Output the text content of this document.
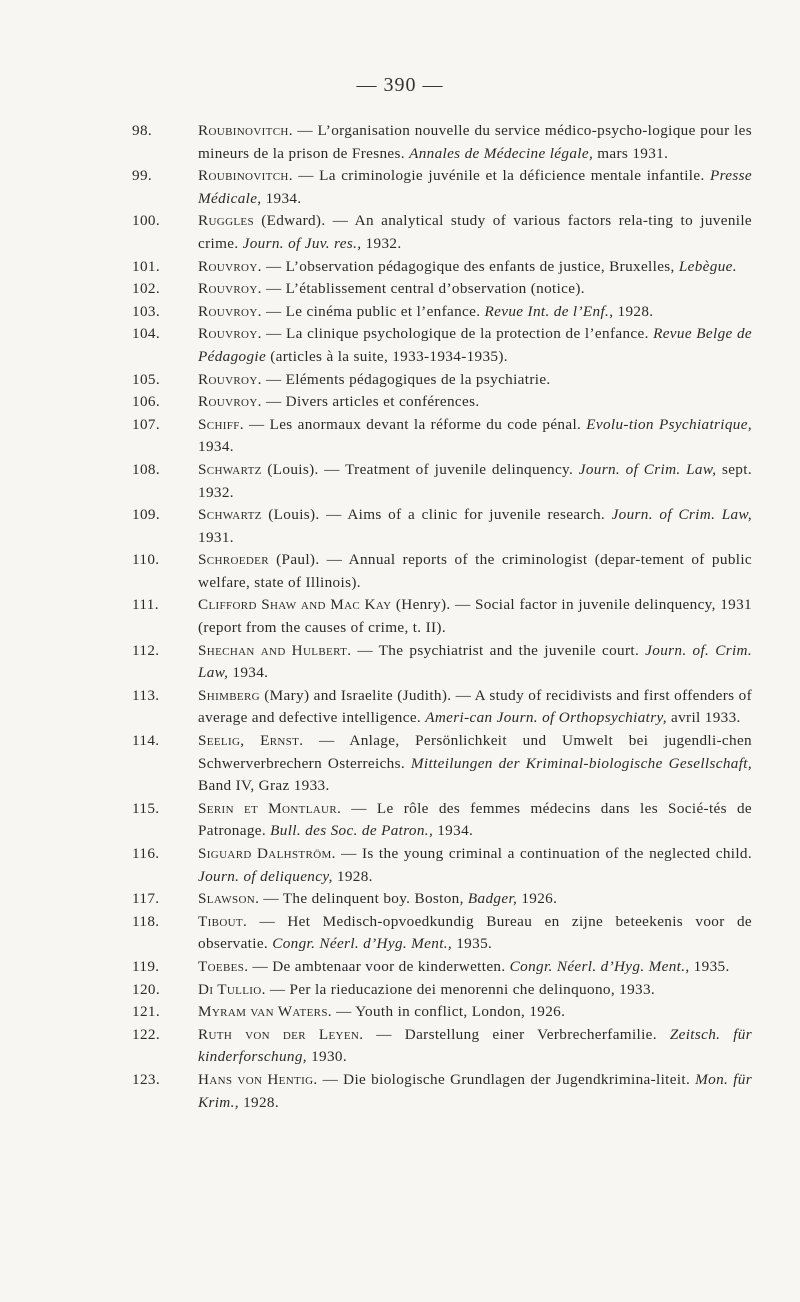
— 390 —
98.	Roubinovitch. — L’organisation nouvelle du service médico-psycho-logique pour les mineurs de la prison de Fresnes. Annales de Médecine légale, mars 1931.
99.	Roubinovitch. — La criminologie juvénile et la déficience mentale infantile. Presse Médicale, 1934.
100.	Ruggles (Edward). — An analytical study of various factors rela-ting to juvenile crime. Journ. of Juv. res., 1932.
101.	Rouvroy. — L’observation pédagogique des enfants de justice, Bruxelles, Lebègue.
102.	Rouvroy. — L’établissement central d’observation (notice).
103.	Rouvroy. — Le cinéma public et l’enfance. Revue Int. de l’Enf., 1928.
104.	Rouvroy. — La clinique psychologique de la protection de l’enfance. Revue Belge de Pédagogie (articles à la suite, 1933-1934-1935).
105.	Rouvroy. — Eléments pédagogiques de la psychiatrie.
106.	Rouvroy. — Divers articles et conférences.
107.	Schiff. — Les anormaux devant la réforme du code pénal. Evolu-tion Psychiatrique, 1934.
108.	Schwartz (Louis). — Treatment of juvenile delinquency. Journ. of Crim. Law, sept. 1932.
109.	Schwartz (Louis). — Aims of a clinic for juvenile research. Journ. of Crim. Law, 1931.
110.	Schroeder (Paul). — Annual reports of the criminologist (depar-tement of public welfare, state of Illinois).
111.	Clifford Shaw and Mac Kay (Henry). — Social factor in juvenile delinquency, 1931 (report from the causes of crime, t. II).
112.	Shechan and Hulbert. — The psychiatrist and the juvenile court. Journ. of. Crim. Law, 1934.
113.	Shimberg (Mary) and Israelite (Judith). — A study of recidivists and first offenders of average and defective intelligence. Ameri-can Journ. of Orthopsychiatry, avril 1933.
114.	Seelig, Ernst. — Anlage, Persönlichkeit und Umwelt bei jugendli-chen Schwerverbrechern Osterreichs. Mitteilungen der Kriminal-biologische Gesellschaft, Band IV, Graz 1933.
115.	Serin et Montlaur. — Le rôle des femmes médecins dans les Socié-tés de Patronage. Bull. des Soc. de Patron., 1934.
116.	Siguard Dalhström. — Is the young criminal a continuation of the neglected child. Journ. of deliquency, 1928.
117.	Slawson. — The delinquent boy. Boston, Badger, 1926.
118.	Tibout. — Het Medisch-opvoedkundig Bureau en zijne beteekenis voor de observatie. Congr. Néerl. d’Hyg. Ment., 1935.
119.	Toebes. — De ambtenaar voor de kinderwetten. Congr. Néerl. d’Hyg. Ment., 1935.
120.	Di Tullio. — Per la rieducazione dei menorenni che delinquono, 1933.
121.	Myram van Waters. — Youth in conflict, London, 1926.
122.	Ruth von der Leyen. — Darstellung einer Verbrecherfamilie. Zeitsch. für kinderforschung, 1930.
123.	Hans von Hentig. — Die biologische Grundlagen der Jugendkrimina-liteit. Mon. für Krim., 1928.
